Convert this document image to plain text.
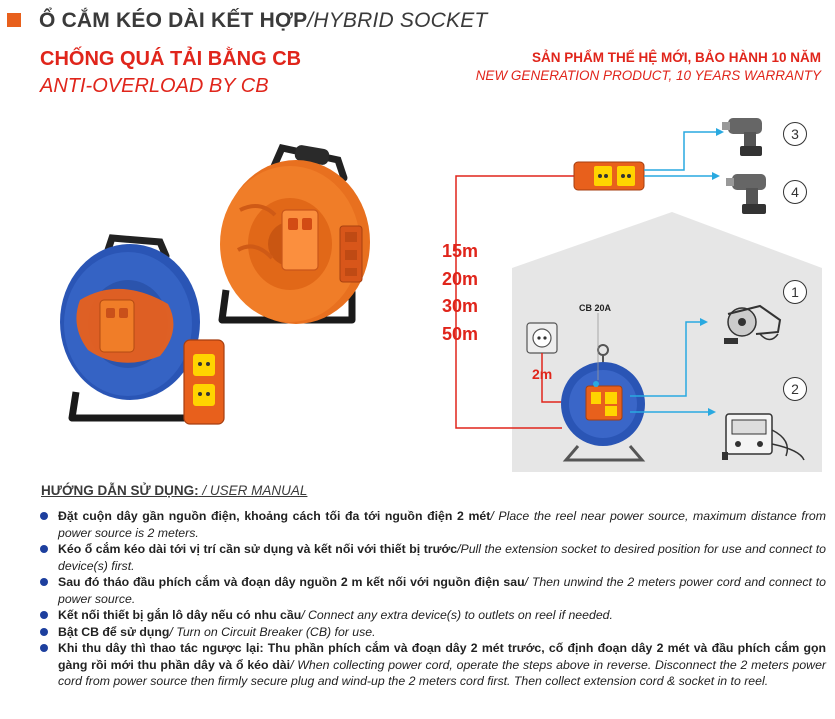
Ổ CẮM KÉO DÀI KẾT HỢP/HYBRID SOCKET
CHỐNG QUÁ TẢI BẰNG CB
ANTI-OVERLOAD BY CB
SẢN PHẨM THẾ HỆ MỚI, BẢO HÀNH 10 NĂM
NEW GENERATION PRODUCT, 10 YEARS WARRANTY
15m
20m
30m
50m
CB 20A
2m
3
4
1
2
HƯỚNG DẪN SỬ DỤNG: / USER MANUAL
Đặt cuộn dây gần nguồn điện, khoảng cách tối đa tới nguồn điện 2 mét/ Place the reel near power source, maximum distance from power source is 2 meters.
Kéo ổ cắm kéo dài tới vị trí cần sử dụng và kết nối với thiết bị trước/Pull the extension socket to desired position for use and connect to device(s) first.
Sau đó tháo đầu phích cắm và đoạn dây nguồn 2 m kết nối với nguồn điện sau/ Then unwind the 2 meters power cord and connect to power source.
Kết nối thiết bị gắn lô dây nếu có nhu cầu/ Connect any extra device(s) to outlets on reel if needed.
Bật CB để sử dụng/ Turn on Circuit Breaker (CB) for use.
Khi thu dây thì thao tác ngược lại: Thu phần phích cắm và đoạn dây 2 mét trước, cố định đoạn dây 2 mét và đầu phích cắm gọn gàng rồi mới thu phần dây và ổ kéo dài/ When collecting power cord, operate the steps above in reverse. Disconnect the 2 meters power cord from power source then firmly secure plug and wind-up the 2 meters cord first. Then collect extension cord & socket in to reel.
